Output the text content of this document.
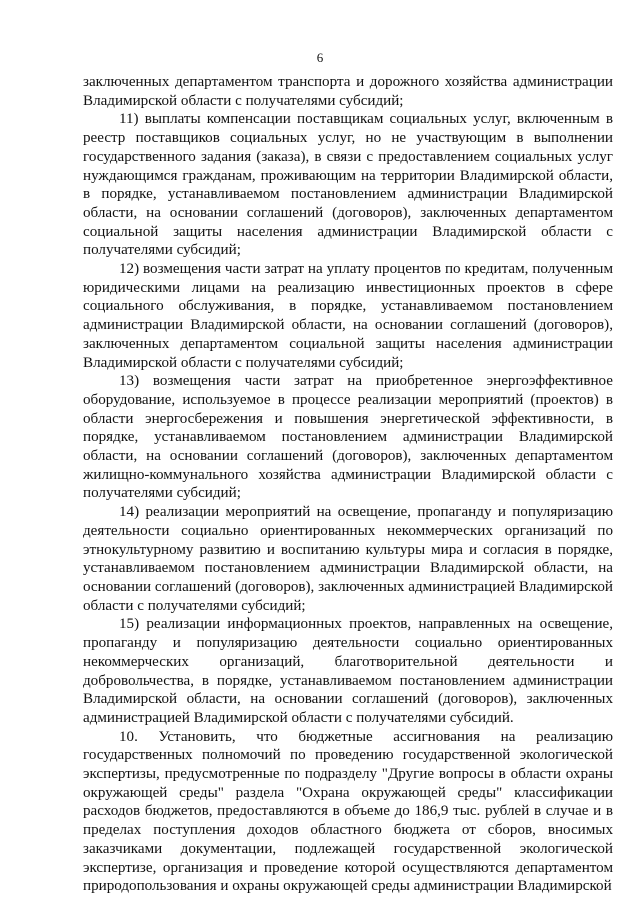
6

заключенных департаментом транспорта и дорожного хозяйства администрации Владимирской области с получателями субсидий;

11) выплаты компенсации поставщикам социальных услуг, включенным в реестр поставщиков социальных услуг, но не участвующим в выполнении государственного задания (заказа), в связи с предоставлением социальных услуг нуждающимся гражданам, проживающим на территории Владимирской области, в порядке, устанавливаемом постановлением администрации Владимирской области, на основании соглашений (договоров), заключенных департаментом социальной защиты населения администрации Владимирской области с получателями субсидий;

12) возмещения части затрат на уплату процентов по кредитам, полученным юридическими лицами на реализацию инвестиционных проектов в сфере социального обслуживания, в порядке, устанавливаемом постановлением администрации Владимирской области, на основании соглашений (договоров), заключенных департаментом социальной защиты населения администрации Владимирской области с получателями субсидий;

13) возмещения части затрат на приобретенное энергоэффективное оборудование, используемое в процессе реализации мероприятий (проектов) в области энергосбережения и повышения энергетической эффективности, в порядке, устанавливаемом постановлением администрации Владимирской области, на основании соглашений (договоров), заключенных департаментом жилищно-коммунального хозяйства администрации Владимирской области с получателями субсидий;

14) реализации мероприятий на освещение, пропаганду и популяризацию деятельности социально ориентированных некоммерческих организаций по этнокультурному развитию и воспитанию культуры мира и согласия в порядке, устанавливаемом постановлением администрации Владимирской области, на основании соглашений (договоров), заключенных администрацией Владимирской области с получателями субсидий;

15) реализации информационных проектов, направленных на освещение, пропаганду и популяризацию деятельности социально ориентированных некоммерческих организаций, благотворительной деятельности и добровольчества, в порядке, устанавливаемом постановлением администрации Владимирской области, на основании соглашений (договоров), заключенных администрацией Владимирской области с получателями субсидий.

10. Установить, что бюджетные ассигнования на реализацию государственных полномочий по проведению государственной экологической экспертизы, предусмотренные по подразделу "Другие вопросы в области охраны окружающей среды" раздела "Охрана окружающей среды" классификации расходов бюджетов, предоставляются в объеме до 186,9 тыс. рублей в случае и в пределах поступления доходов областного бюджета от сборов, вносимых заказчиками документации, подлежащей государственной экологической экспертизе, организация и проведение которой осуществляются департаментом природопользования и охраны окружающей среды администрации Владимирской
